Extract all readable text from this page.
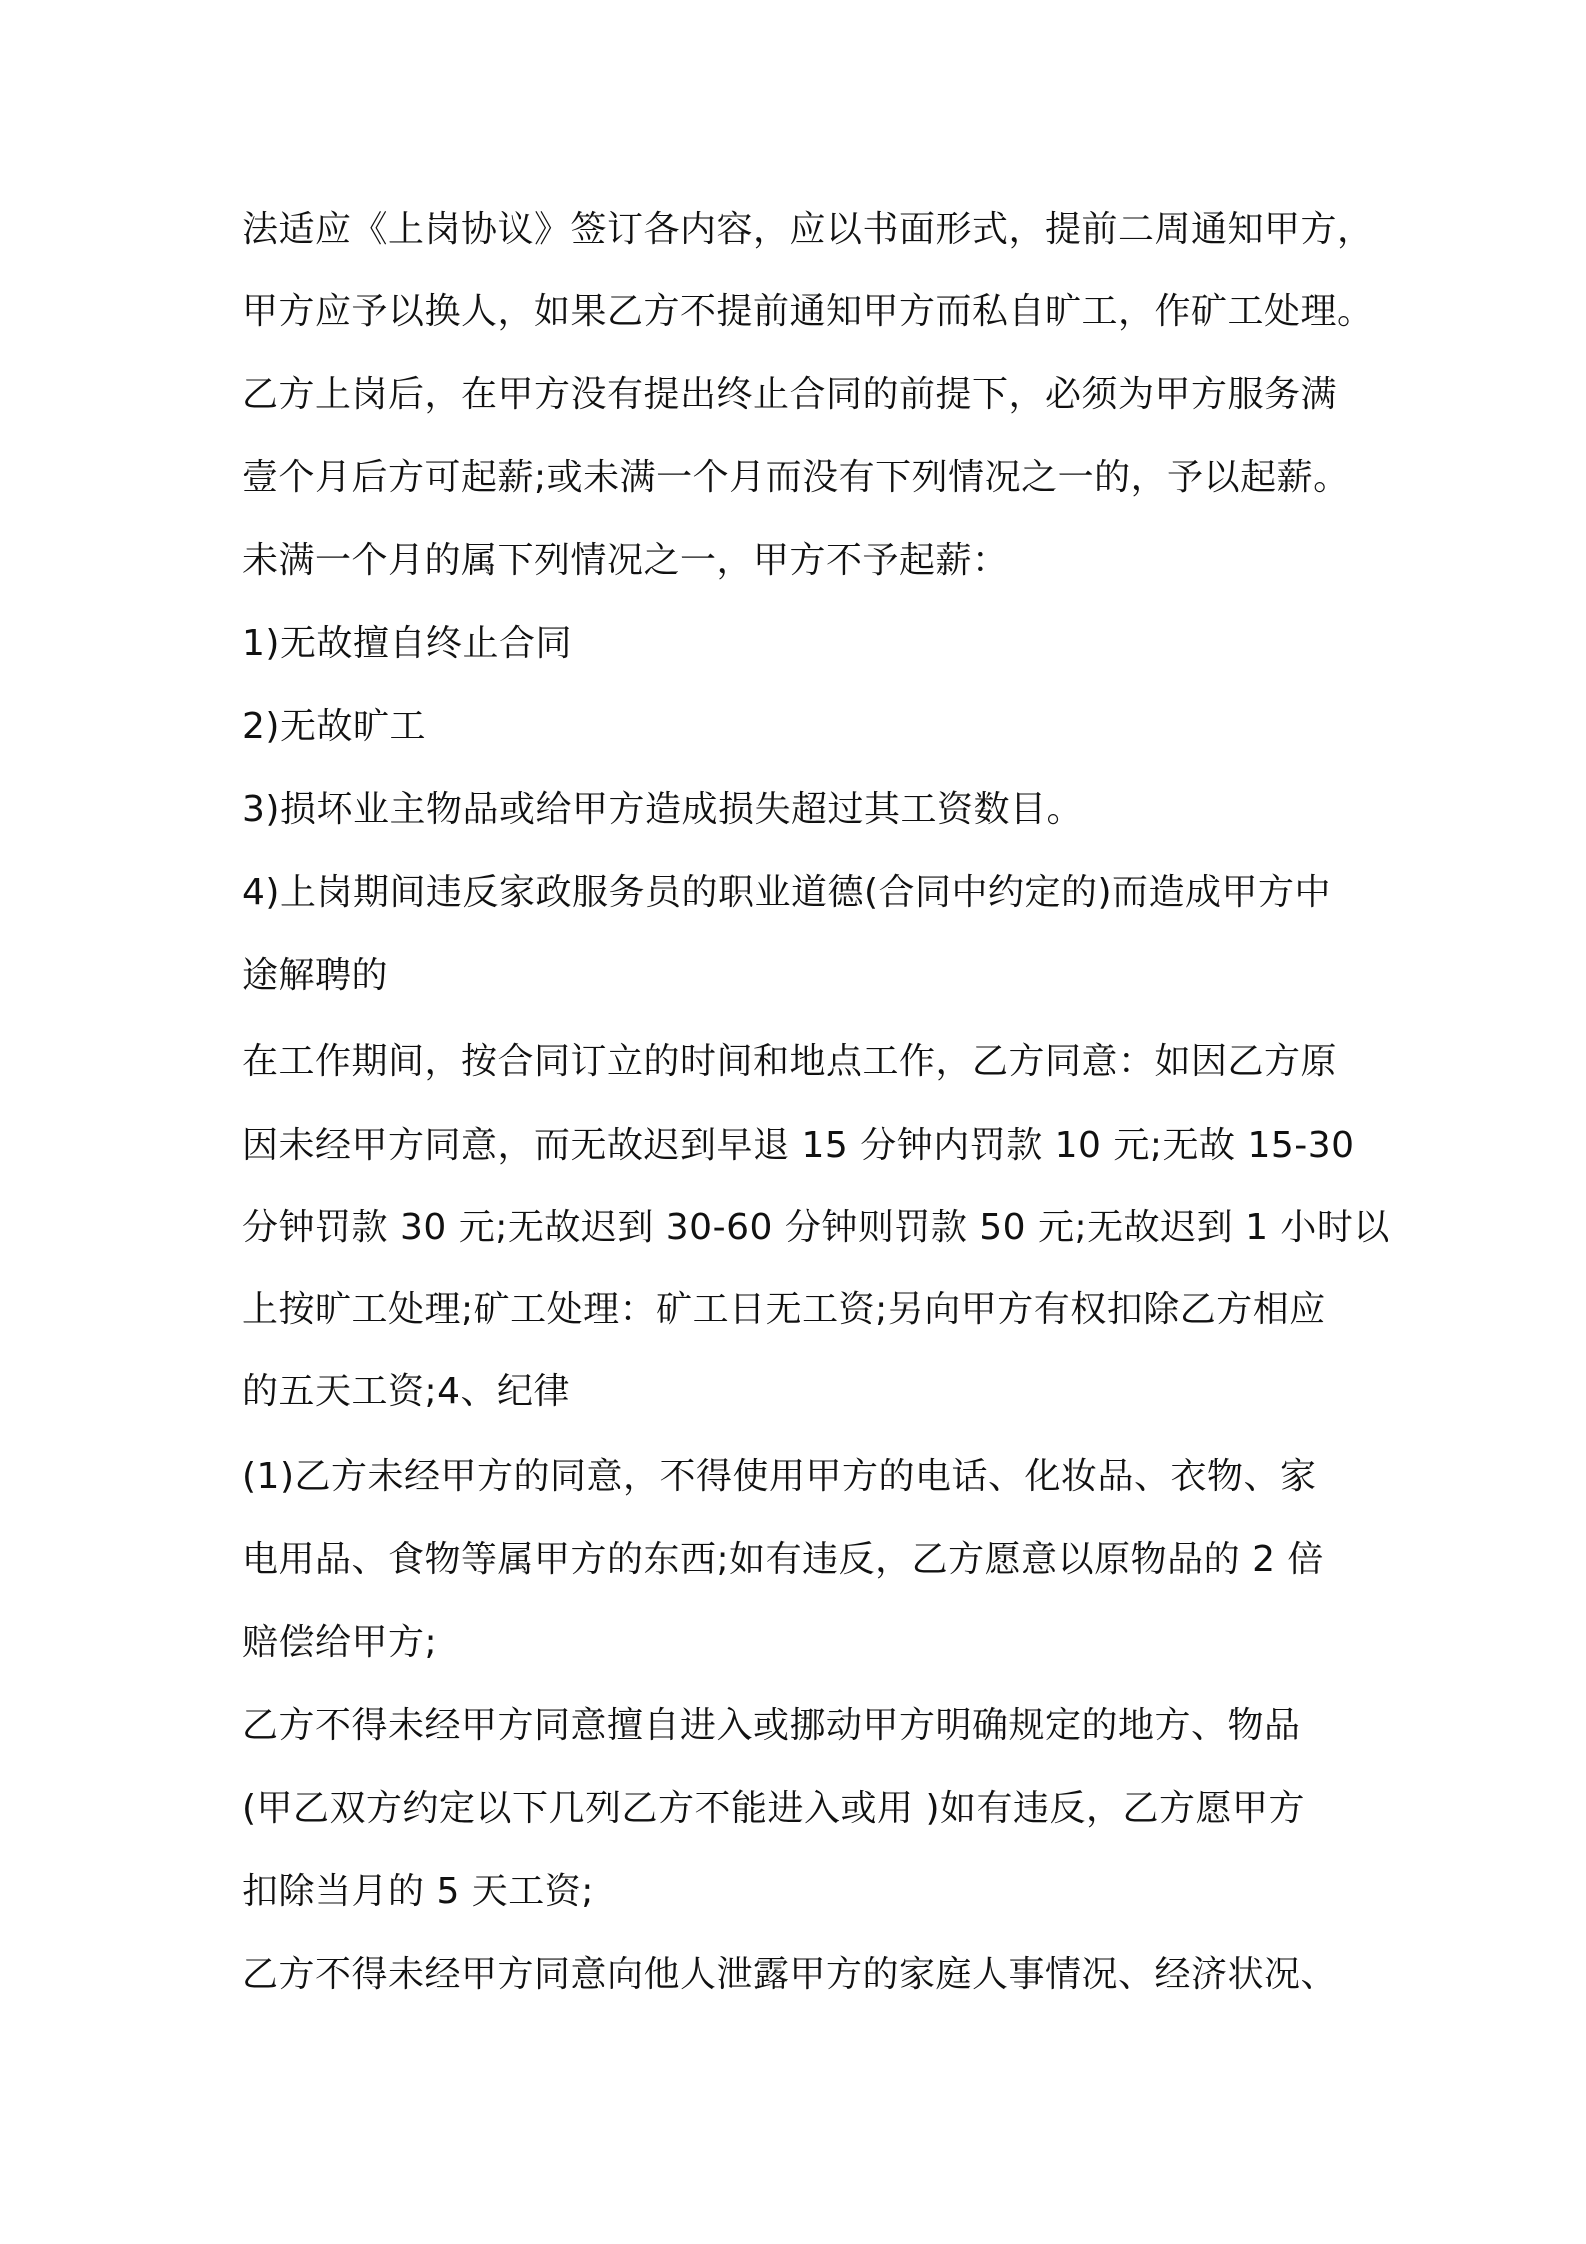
法适应《上岗协议》签订各内容，应以书面形式，提前二周通知甲方，
甲方应予以换人，如果乙方不提前通知甲方而私自旷工，作矿工处理。
乙方上岗后，在甲方没有提出终止合同的前提下，必须为甲方服务满
壹个月后方可起薪;或未满一个月而没有下列情况之一的，予以起薪。
未满一个月的属下列情况之一，甲方不予起薪：
1)无故擅自终止合同
2)无故旷工
3)损坏业主物品或给甲方造成损失超过其工资数目。
4)上岗期间违反家政服务员的职业道德(合同中约定的)而造成甲方中
途解聘的
在工作期间，按合同订立的时间和地点工作，乙方同意：如因乙方原
因未经甲方同意，而无故迟到早退 15 分钟内罚款 10 元;无故 15-30
分钟罚款 30 元;无故迟到 30-60 分钟则罚款 50 元;无故迟到 1 小时以
上按旷工处理;矿工处理：矿工日无工资;另向甲方有权扣除乙方相应
的五天工资;4、纪律
(1)乙方未经甲方的同意，不得使用甲方的电话、化妆品、衣物、家
电用品、食物等属甲方的东西;如有违反，乙方愿意以原物品的 2 倍
赔偿给甲方;
乙方不得未经甲方同意擅自进入或挪动甲方明确规定的地方、物品
(甲乙双方约定以下几列乙方不能进入或用 )如有违反，乙方愿甲方
扣除当月的 5 天工资;
乙方不得未经甲方同意向他人泄露甲方的家庭人事情况、经济状况、
